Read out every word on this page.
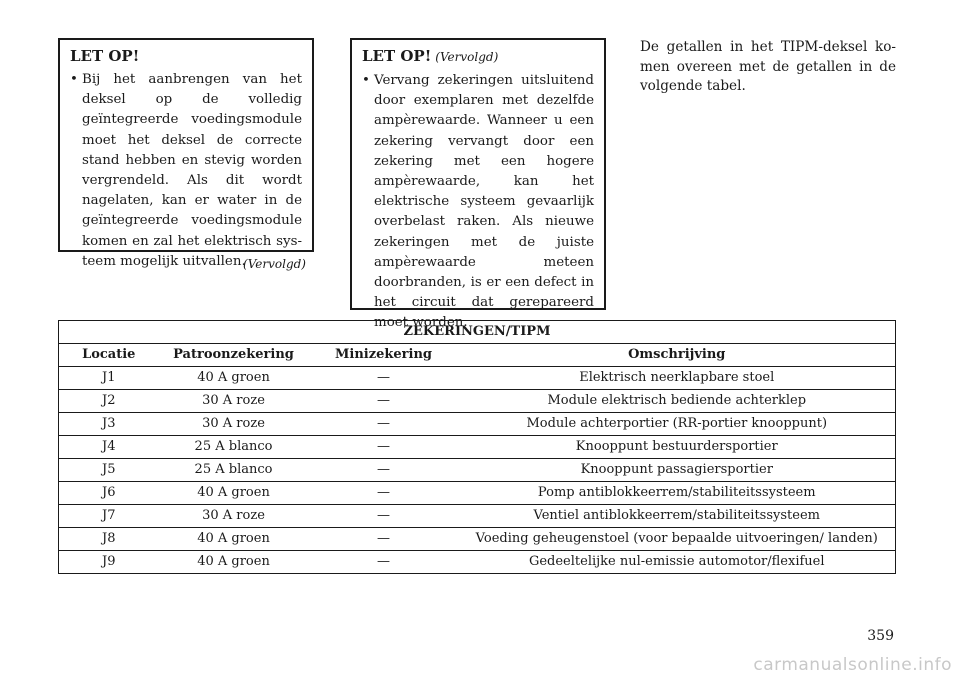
LET OP!
• Bij het aanbrengen van het deksel op de volledig geïntegreerde voedingsmodule moet het deksel de correcte stand hebben en stevig worden vergrendeld. Als dit wordt nagelaten, kan er water in de geïntegreerde voedingsmodule komen en zal het elektrisch systeem mogelijk uitvallen.
(Vervolgd)
LET OP! (Vervolgd)
• Vervang zekeringen uitsluitend door exemplaren met dezelfde ampèrewaarde. Wanneer u een zekering vervangt door een zekering met een hogere ampèrewaarde, kan het elektrische systeem gevaarlijk overbelast raken. Als nieuwe zekeringen met de juiste ampèrewaarde meteen doorbranden, is er een defect in het circuit dat gerepareerd moet worden.
De getallen in het TIPM-deksel komen overeen met de getallen in de volgende tabel.
ZEKERINGEN/TIPM			
Locatie	Patroonzekering	Minizekering	Omschrijving
J1	40 A groen	—	Elektrisch neerklapbare stoel
J2	30 A roze	—	Module elektrisch bediende achterklep
J3	30 A roze	—	Module achterportier (RR-portier knooppunt)
J4	25 A blanco	—	Knooppunt bestuurdersportier
J5	25 A blanco	—	Knooppunt passagiersportier
J6	40 A groen	—	Pomp antiblokkeerrem/stabiliteitssysteem
J7	30 A roze	—	Ventiel antiblokkeerrem/stabiliteitssysteem
J8	40 A groen	—	Voeding geheugenstoel (voor bepaalde uitvoeringen/ landen)
J9	40 A groen	—	Gedeeltelijke nul-emissie automotor/flexifuel
359
carmanualsonline.info
